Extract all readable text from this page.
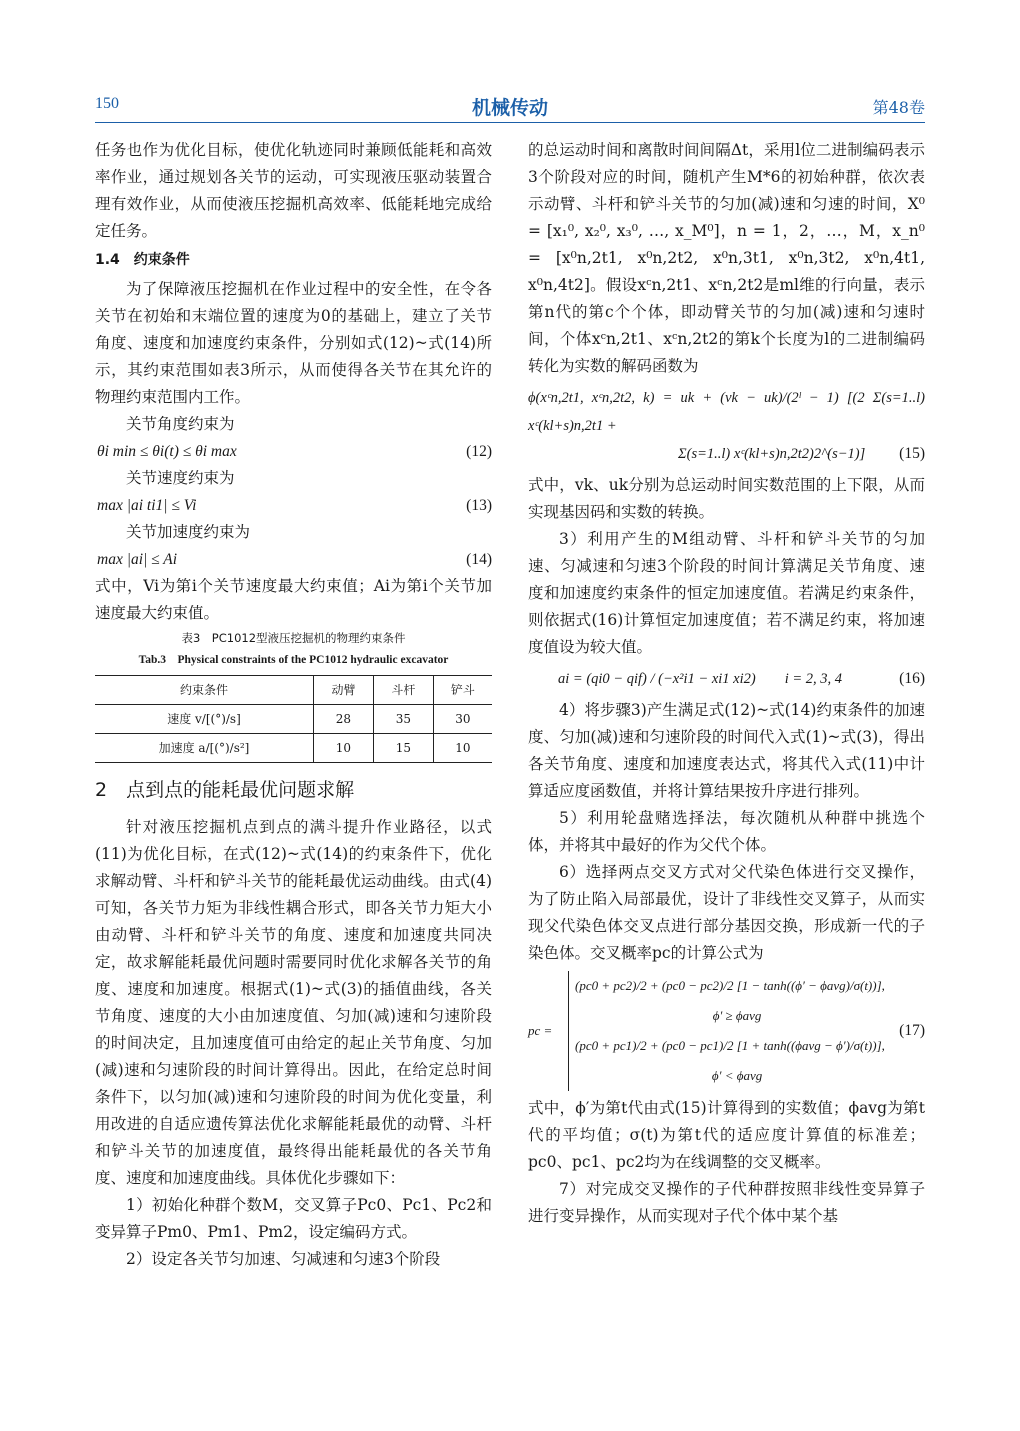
150	机械传动	第48卷

任务也作为优化目标，使优化轨迹同时兼顾低能耗和高效率作业，通过规划各关节的运动，可实现液压驱动装置合理有效作业，从而使液压挖掘机高效率、低能耗地完成给定任务。

1.4　约束条件

为了保障液压挖掘机在作业过程中的安全性，在令各关节在初始和末端位置的速度为0的基础上，建立了关节角度、速度和加速度约束条件，分别如式(12)~式(14)所示，其约束范围如表3所示，从而使得各关节在其允许的物理约束范围内工作。

关节角度约束为

θi min ≤ θi(t) ≤ θi max	(12)

关节速度约束为

max |ai ti1| ≤ Vi	(13)

关节加速度约束为

max |ai| ≤ Ai	(14)

式中，Vi为第i个关节速度最大约束值；Ai为第i个关节加速度最大约束值。

表3　PC1012型液压挖掘机的物理约束条件
Tab.3　Physical constraints of the PC1012 hydraulic excavator
约束条件	动臂	斗杆	铲斗
速度 v/[(°)/s]	28	35	30
加速度 a/[(°)/s²]	10	15	10

2　点到点的能耗最优问题求解

针对液压挖掘机点到点的满斗提升作业路径，以式(11)为优化目标，在式(12)~式(14)的约束条件下，优化求解动臂、斗杆和铲斗关节的能耗最优运动曲线。由式(4)可知，各关节力矩为非线性耦合形式，即各关节力矩大小由动臂、斗杆和铲斗关节的角度、速度和加速度共同决定，故求解能耗最优问题时需要同时优化求解各关节的角度、速度和加速度。根据式(1)~式(3)的插值曲线，各关节角度、速度的大小由加速度值、匀加(减)速和匀速阶段的时间决定，且加速度值可由给定的起止关节角度、匀加(减)速和匀速阶段的时间计算得出。因此，在给定总时间条件下，以匀加(减)速和匀速阶段的时间为优化变量，利用改进的自适应遗传算法优化求解能耗最优的动臂、斗杆和铲斗关节的加速度值，最终得出能耗最优的各关节角度、速度和加速度曲线。具体优化步骤如下：

1）初始化种群个数M，交叉算子Pc0、Pc1、Pc2和变异算子Pm0、Pm1、Pm2，设定编码方式。

2）设定各关节匀加速、匀减速和匀速3个阶段

的总运动时间和离散时间间隔Δt，采用l位二进制编码表示3个阶段对应的时间，随机产生M*6的初始种群，依次表示动臂、斗杆和铲斗关节的匀加(减)速和匀速的时间，X⁰ = [x₁⁰, x₂⁰, x₃⁰, …, x_M⁰]，n = 1，2，…，M，x_n⁰ = [x⁰n,2t1, x⁰n,2t2, x⁰n,3t1, x⁰n,3t2, x⁰n,4t1, x⁰n,4t2]。假设xᶜn,2t1、xᶜn,2t2是ml维的行向量，表示第n代的第c个个体，即动臂关节的匀加(减)速和匀速时间，个体xᶜn,2t1、xᶜn,2t2的第k个长度为l的二进制编码转化为实数的解码函数为

ϕ(xᶜn,2t1, xᶜn,2t2, k) = uk + (vk − uk)/(2ˡ − 1) [(2 Σ(s=1..l) xᶜ(kl+s)n,2t1 +
Σ(s=1..l) xᶜ(kl+s)n,2t2)2^(s−1)]	(15)

式中，vk、uk分别为总运动时间实数范围的上下限，从而实现基因码和实数的转换。

3）利用产生的M组动臂、斗杆和铲斗关节的匀加速、匀减速和匀速3个阶段的时间计算满足关节角度、速度和加速度约束条件的恒定加速度值。若满足约束条件，则依据式(16)计算恒定加速度值；若不满足约束，将加速度值设为较大值。

ai = (qi0 − qif) / (−x²i1 − xi1 xi2)　　i = 2, 3, 4	(16)

4）将步骤3)产生满足式(12)~式(14)约束条件的加速度、匀加(减)速和匀速阶段的时间代入式(1)~式(3)，得出各关节角度、速度和加速度表达式，将其代入式(11)中计算适应度函数值，并将计算结果按升序进行排列。

5）利用轮盘赌选择法，每次随机从种群中挑选个体，并将其中最好的作为父代个体。

6）选择两点交叉方式对父代染色体进行交叉操作，为了防止陷入局部最优，设计了非线性交叉算子，从而实现父代染色体交叉点进行部分基因交换，形成新一代的子染色体。交叉概率pc的计算公式为

pc =
(pc0 + pc2)/2 + (pc0 − pc2)/2 [1 − tanh((ϕ′ − ϕavg)/σ(t))],
ϕ′ ≥ ϕavg
(pc0 + pc1)/2 + (pc0 − pc1)/2 [1 + tanh((ϕavg − ϕ′)/σ(t))],
ϕ′ < ϕavg
(17)

式中，ϕ′为第t代由式(15)计算得到的实数值；ϕavg为第t代的平均值；σ(t)为第t代的适应度计算值的标准差；pc0、pc1、pc2均为在线调整的交叉概率。

7）对完成交叉操作的子代种群按照非线性变异算子进行变异操作，从而实现对子代个体中某个基
